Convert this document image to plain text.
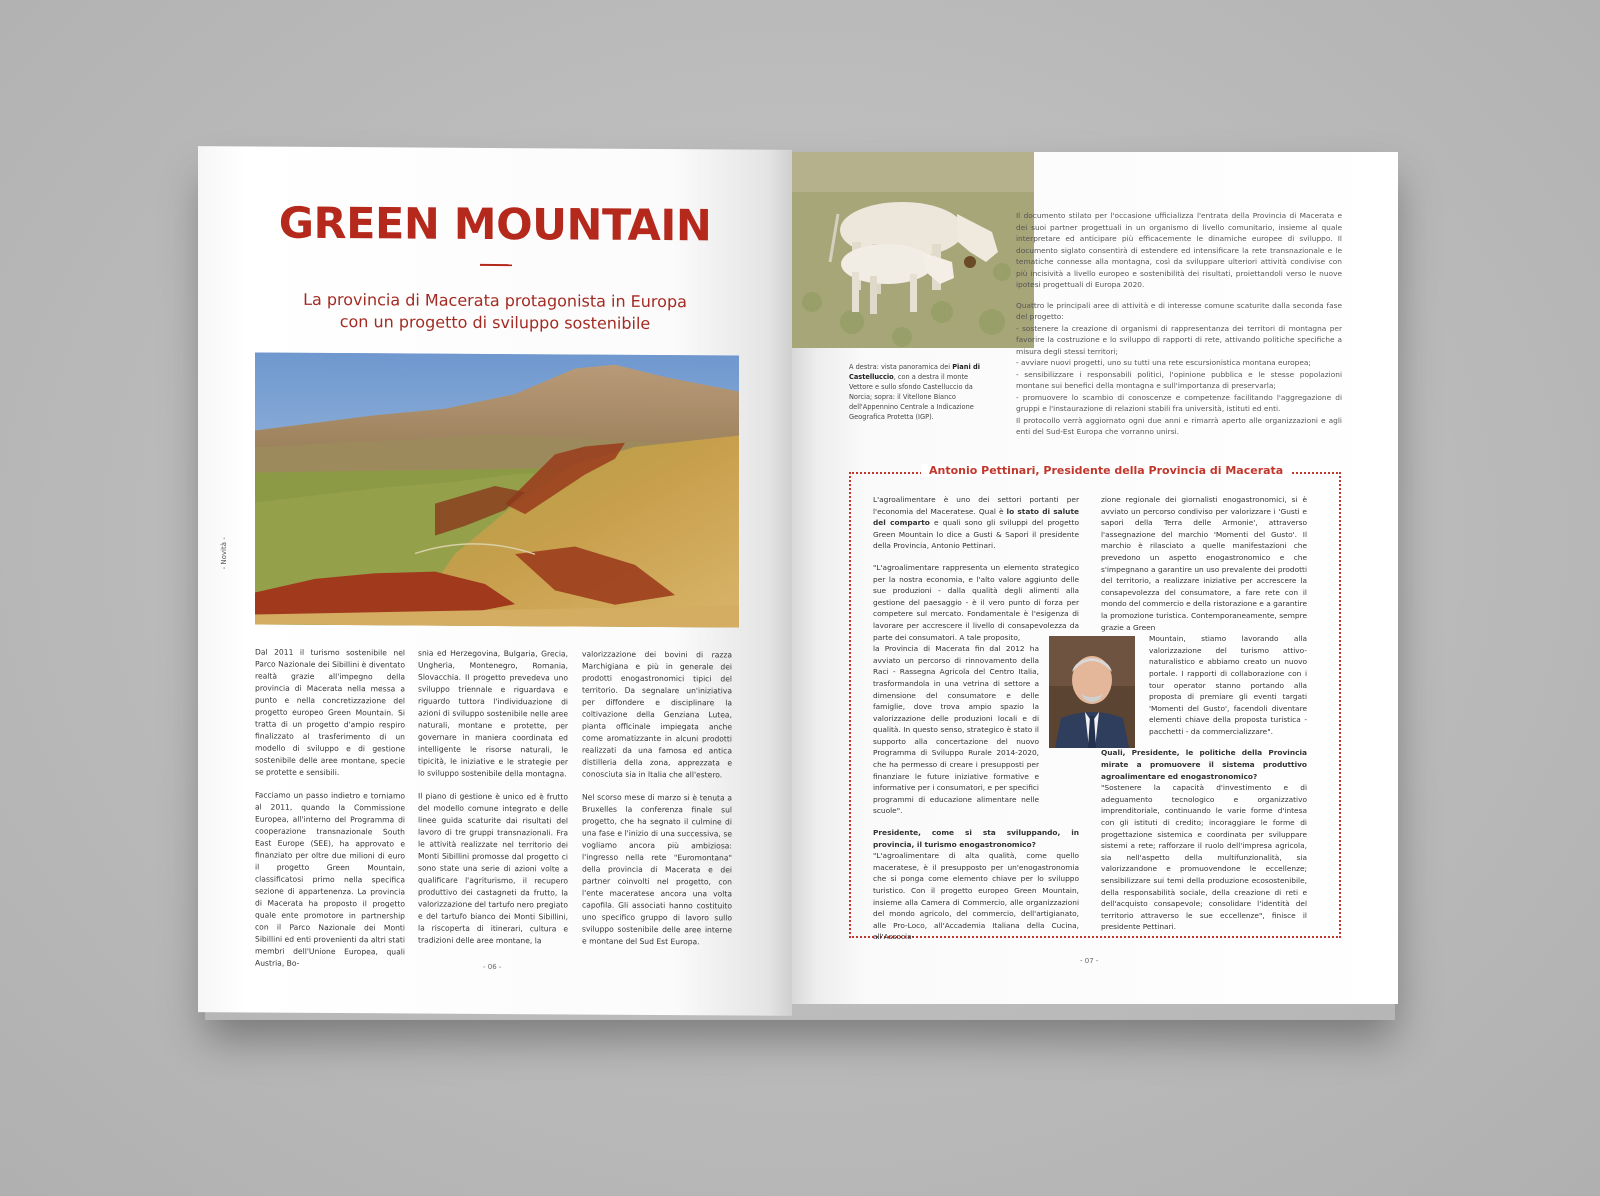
- Novità -
GREEN MOUNTAIN
La provincia di Macerata protagonista in Europa
con un progetto di sviluppo sostenibile

Dal 2011 il turismo sostenibile nel Parco Nazionale dei Sibillini è diventato realtà grazie all'impegno della provincia di Macerata nella messa a punto e nella concretizzazione del progetto europeo Green Mountain. Si tratta di un progetto d'ampio respiro finalizzato al trasferimento di un modello di sviluppo e di gestione sostenibile delle aree montane, specie se protette e sensibili.

Facciamo un passo indietro e torniamo al 2011, quando la Commissione Europea, all'interno del Programma di cooperazione transnazionale South East Europe (SEE), ha approvato e finanziato per oltre due milioni di euro il progetto Green Mountain, classificatosi primo nella specifica sezione di appartenenza. La provincia di Macerata ha proposto il progetto quale ente promotore in partnership con il Parco Nazionale dei Monti Sibillini ed enti provenienti da altri stati membri dell'Unione Europea, quali Austria, Bo-

snia ed Herzegovina, Bulgaria, Grecia, Ungheria, Montenegro, Romania, Slovacchia. Il progetto prevedeva uno sviluppo triennale e riguardava e riguardo tuttora l'individuazione di azioni di sviluppo sostenibile nelle aree naturali, montane e protette, per governare in maniera coordinata ed intelligente le risorse naturali, le tipicità, le iniziative e le strategie per lo sviluppo sostenibile della montagna.

Il piano di gestione è unico ed è frutto del modello comune integrato e delle linee guida scaturite dai risultati del lavoro di tre gruppi transnazionali. Fra le attività realizzate nel territorio dei Monti Sibillini promosse dal progetto ci sono state una serie di azioni volte a qualificare l'agriturismo, il recupero produttivo dei castagneti da frutto, la valorizzazione del tartufo nero pregiato e del tartufo bianco dei Monti Sibillini, la riscoperta di itinerari, cultura e tradizioni delle aree montane, la

valorizzazione dei bovini di razza Marchigiana e più in generale dei prodotti enogastronomici tipici del territorio. Da segnalare un'iniziativa per diffondere e disciplinare la coltivazione della Genziana Lutea, pianta officinale impiegata anche come aromatizzante in alcuni prodotti realizzati da una famosa ed antica distilleria della zona, apprezzata e conosciuta sia in Italia che all'estero.

Nel scorso mese di marzo si è tenuta a Bruxelles la conferenza finale sul progetto, che ha segnato il culmine di una fase e l'inizio di una successiva, se vogliamo ancora più ambiziosa: l'ingresso nella rete "Euromontana" della provincia di Macerata e dei partner coinvolti nel progetto, con l'ente maceratese ancora una volta capofila. Gli associati hanno costituito uno specifico gruppo di lavoro sullo sviluppo sostenibile delle aree interne e montane del Sud Est Europa.

- 06 -
A destra: vista panoramica dei Piani di Castelluccio, con a destra il monte Vettore e sullo sfondo Castelluccio da Norcia; sopra: il Vitellone Bianco dell'Appennino Centrale a Indicazione Geografica Protetta (IGP).

Il documento stilato per l'occasione ufficializza l'entrata della Provincia di Macerata e dei suoi partner progettuali in un organismo di livello comunitario, insieme al quale interpretare ed anticipare più efficacemente le dinamiche europee di sviluppo. Il documento siglato consentirà di estendere ed intensificare la rete transnazionale e le tematiche connesse alla montagna, così da sviluppare ulteriori attività condivise con più incisività a livello europeo e sostenibilità dei risultati, proiettandoli verso le nuove ipotesi progettuali di Europa 2020.

Quattro le principali aree di attività e di interesse comune scaturite dalla seconda fase del progetto:

- sostenere la creazione di organismi di rappresentanza dei territori di montagna per favorire la costruzione e lo sviluppo di rapporti di rete, attivando politiche specifiche a misura degli stessi territori;
- avviare nuovi progetti, uno su tutti una rete escursionistica montana europea;
- sensibilizzare i responsabili politici, l'opinione pubblica e le stesse popolazioni montane sui benefici della montagna e sull'importanza di preservarla;
- promuovere lo scambio di conoscenze e competenze facilitando l'aggregazione di gruppi e l'instaurazione di relazioni stabili fra università, istituti ed enti.
Il protocollo verrà aggiornato ogni due anni e rimarrà aperto alle organizzazioni e agli enti del Sud-Est Europa che vorranno unirsi.
Antonio Pettinari, Presidente della Provincia di Macerata

L'agroalimentare è uno dei settori portanti per l'economia del Maceratese. Qual è lo stato di salute del comparto e quali sono gli sviluppi del progetto Green Mountain lo dice a Gusti & Sapori il presidente della Provincia, Antonio Pettinari.

"L'agroalimentare rappresenta un elemento strategico per la nostra economia, e l'alto valore aggiunto delle sue produzioni - dalla qualità degli alimenti alla gestione del paesaggio - è il vero punto di forza per competere sul mercato. Fondamentale è l'esigenza di lavorare per accrescere il livello di consapevolezza da parte dei consumatori. A tale proposito,

la Provincia di Macerata fin dal 2012 ha avviato un percorso di rinnovamento della Raci - Rassegna Agricola del Centro Italia, trasformandola in una vetrina di settore a dimensione del consumatore e delle famiglie, dove trova ampio spazio la valorizzazione delle produzioni locali e di qualità. In questo senso, strategico è stato il supporto alla concertazione del nuovo Programma di Sviluppo Rurale 2014-2020, che ha permesso di creare i presupposti per finanziare le future iniziative formative e informative per i consumatori, e per specifici programmi di educazione alimentare nelle scuole".

Presidente, come si sta sviluppando, in provincia, il turismo enogastronomico?

"L'agroalimentare di alta qualità, come quello maceratese, è il presupposto per un'enogastronomia che si ponga come elemento chiave per lo sviluppo turistico. Con il progetto europeo Green Mountain, insieme alla Camera di Commercio, alle organizzazioni del mondo agricolo, del commercio, dell'artigianato, alle Pro-Loco, all'Accademia Italiana della Cucina, all'Associa-

zione regionale dei giornalisti enogastronomici, si è avviato un percorso condiviso per valorizzare i 'Gusti e sapori della Terra delle Armonie', attraverso l'assegnazione del marchio 'Momenti del Gusto'. Il marchio è rilasciato a quelle manifestazioni che prevedono un aspetto enogastronomico e che s'impegnano a garantire un uso prevalente dei prodotti del territorio, a realizzare iniziative per accrescere la consapevolezza del consumatore, a fare rete con il mondo del commercio e della ristorazione e a garantire la promozione turistica. Contemporaneamente, sempre grazie a Green

Mountain, stiamo lavorando alla valorizzazione del turismo attivo-naturalistico e abbiamo creato un nuovo portale. I rapporti di collaborazione con i tour operator stanno portando alla proposta di premiare gli eventi targati 'Momenti del Gusto', facendoli diventare elementi chiave della proposta turistica - pacchetti - da commercializzare".

Quali, Presidente, le politiche della Provincia mirate a promuovere il sistema produttivo agroalimentare ed enogastronomico?

"Sostenere la capacità d'investimento e di adeguamento tecnologico e organizzativo imprenditoriale, continuando le varie forme d'intesa con gli istituti di credito; incoraggiare le forme di progettazione sistemica e coordinata per sviluppare sistemi a rete; rafforzare il ruolo dell'impresa agricola, sia nell'aspetto della multifunzionalità, sia valorizzandone e promuovendone le eccellenze; sensibilizzare sui temi della produzione ecosostenibile, della responsabilità sociale, della creazione di reti e dell'acquisto consapevole; consolidare l'identità del territorio attraverso le sue eccellenze", finisce il presidente Pettinari.

- 07 -
